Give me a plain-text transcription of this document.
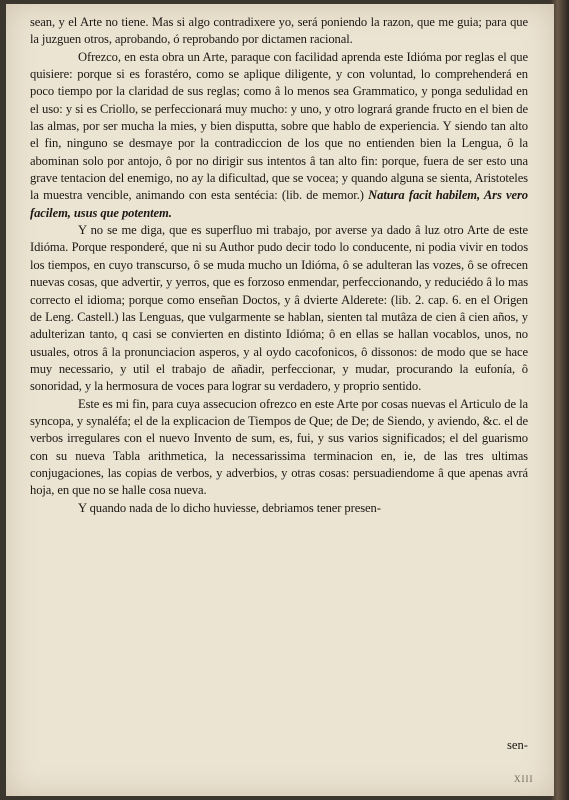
sean, y el Arte no tiene. Mas si algo contradixere yo, será poniendo la razon, que me guia; para que la juzguen otros, aprobando, ó reprobando por dictamen racional.

Ofrezco, en esta obra un Arte, paraque con facilidad aprenda este Idióma por reglas el que quisiere: porque si es forastéro, como se aplique diligente, y con voluntad, lo comprehenderá en poco tiempo por la claridad de sus reglas; como â lo menos sea Grammatico, y ponga sedulidad en el uso: y si es Criollo, se perfeccionará muy mucho: y uno, y otro logrará grande fructo en el bien de las almas, por ser mucha la mies, y bien disputta, sobre que hablo de experiencia. Y siendo tan alto el fin, ninguno se desmaye por la contradiccion de los que no entienden bien la Lengua, ô la abominan solo por antojo, ô por no dirigir sus intentos â tan alto fin: porque, fuera de ser esto una grave tentacion del enemigo, no ay la dificultad, que se vocea; y quando alguna se sienta, Aristoteles la muestra vencible, animando con esta sentécia: (lib. de memor.) Natura facit habilem, Ars vero facilem, usus que potentem.

Y no se me diga, que es superfluo mi trabajo, por averse ya dado â luz otro Arte de este Idióma. Porque responderé, que ni su Author pudo decir todo lo conducente, ni podia vivir en todos los tiempos, en cuyo transcurso, ô se muda mucho un Idióma, ô se adulteran las vozes, ô se ofrecen nuevas cosas, que advertir, y yerros, que es forzoso enmendar, perfeccionando, y reduciédo â lo mas correcto el idioma; porque como enseñan Doctos, y â dvierte Alderete: (lib. 2. cap. 6. en el Origen de Leng. Castell.) las Lenguas, que vulgarmente se hablan, sienten tal mutâza de cien â cien años, y adulterizan tanto, q casi se convierten en distinto Idióma; ô en ellas se hallan vocablos, unos, no usuales, otros â la pronunciacion asperos, y al oydo cacofonicos, ô dissonos: de modo que se hace muy necessario, y util el trabajo de añadir, perfeccionar, y mudar, procurando la eufonía, ô sonoridad, y la hermosura de voces para lograr su verdadero, y proprio sentido.

Este es mi fin, para cuya assecucion ofrezco en este Arte por cosas nuevas el Articulo de la syncopa, y synaléfa; el de la explicacion de Tiempos de Que; de De; de Siendo, y aviendo, &c. el de verbos irregulares con el nuevo Invento de sum, es, fui, y sus varios significados; el del guarismo con su nueva Tabla arithmetica, la necessarissima terminacion en, ie, de las tres ultimas conjugaciones, las copias de verbos, y adverbios, y otras cosas: persuadiendome â que apenas avrá hoja, en que no se halle cosa nueva.

Y quando nada de lo dicho huviesse, debriamos tener presen-

sen-
XIII
